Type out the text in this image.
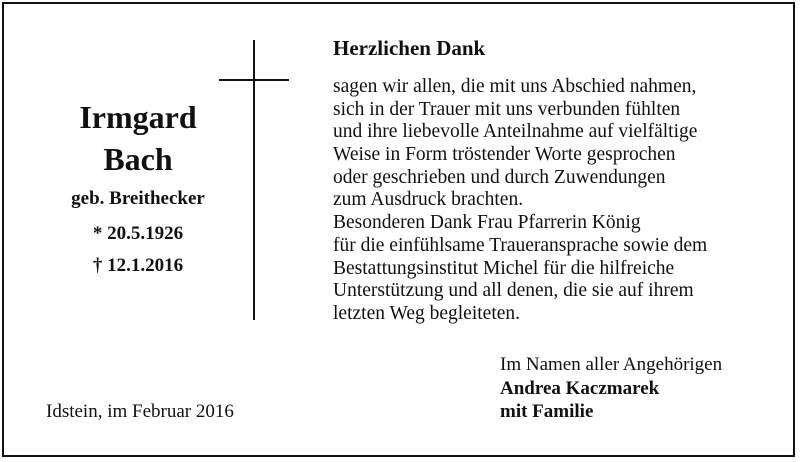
Irmgard
Bach
geb. Breithecker
* 20.5.1926
† 12.1.2016
Herzlichen Dank
sagen wir allen, die mit uns Abschied nahmen,
sich in der Trauer mit uns verbunden fühlten
und ihre liebevolle Anteilnahme auf vielfältige
Weise in Form tröstender Worte gesprochen
oder geschrieben und durch Zuwendungen
zum Ausdruck brachten.
Besonderen Dank Frau Pfarrerin König
für die einfühlsame Traueransprache sowie dem
Bestattungsinstitut Michel für die hilfreiche
Unterstützung und all denen, die sie auf ihrem
letzten Weg begleiteten.
Idstein, im Februar 2016
Im Namen aller Angehörigen
Andrea Kaczmarek
mit Familie
